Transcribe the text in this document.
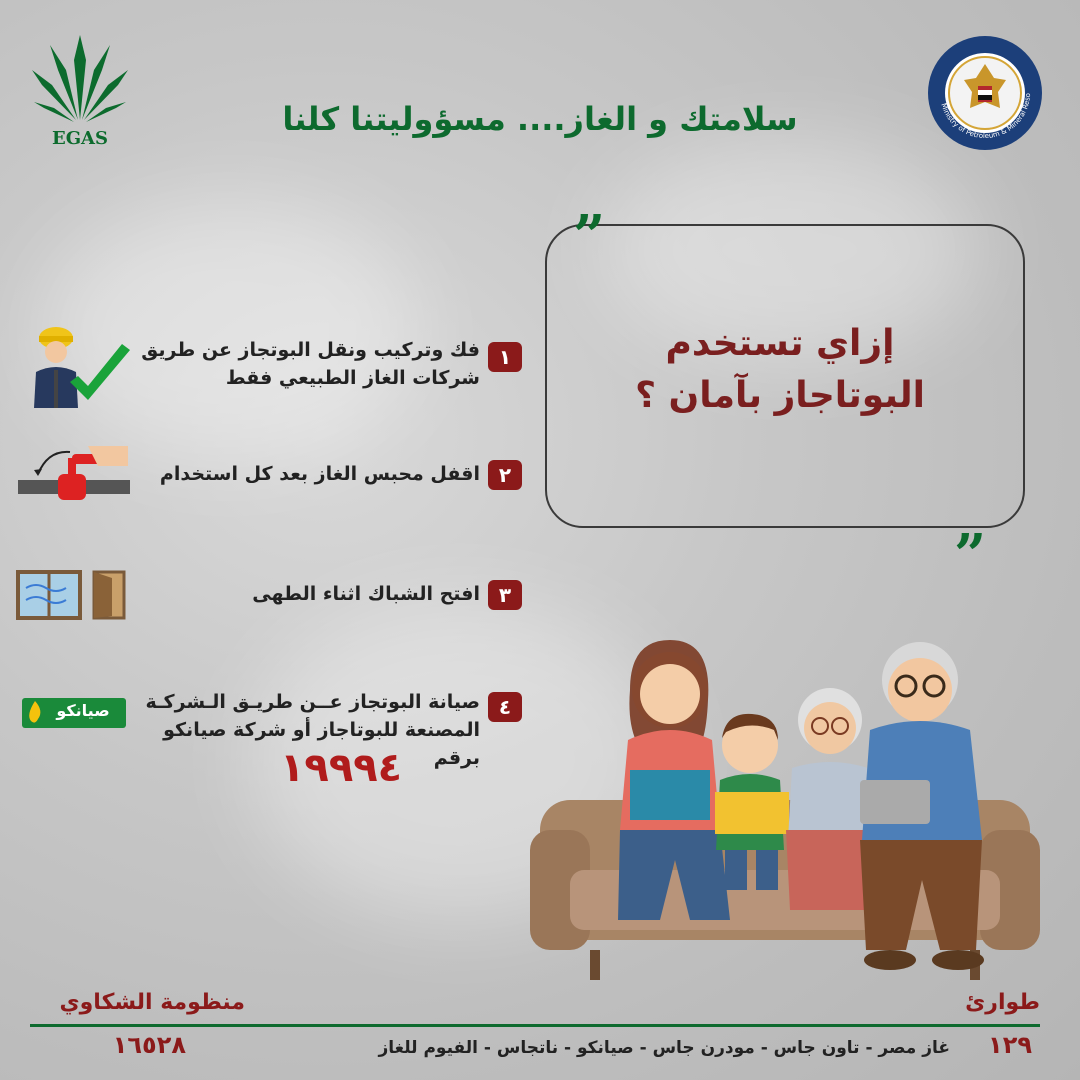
EGAS
Ministry of Petroleum & Mineral Reso
سلامتك و الغاز.... مسؤوليتنا كلنا
”
„
إزاي تستخدم
البوتاجاز بآمان ؟
١
فك وتركيب ونقل البوتجاز عن طريق
شركات الغاز الطبيعي فقط
٢
اقفل محبس الغاز بعد كل استخدام
٣
افتح الشباك اثناء الطهى
٤
صيانة البوتجاز عــن طريـق الـشركـة
المصنعة للبوتاجاز أو شركة صيانكو
برقم
١٩٩٩٤
صيانكو
منظومة الشكاوي	طوارئ
١٦٥٢٨	غاز مصر - تاون جاس - مودرن جاس - صيانكو - ناتجاس - الفيوم للغاز	١٢٩
